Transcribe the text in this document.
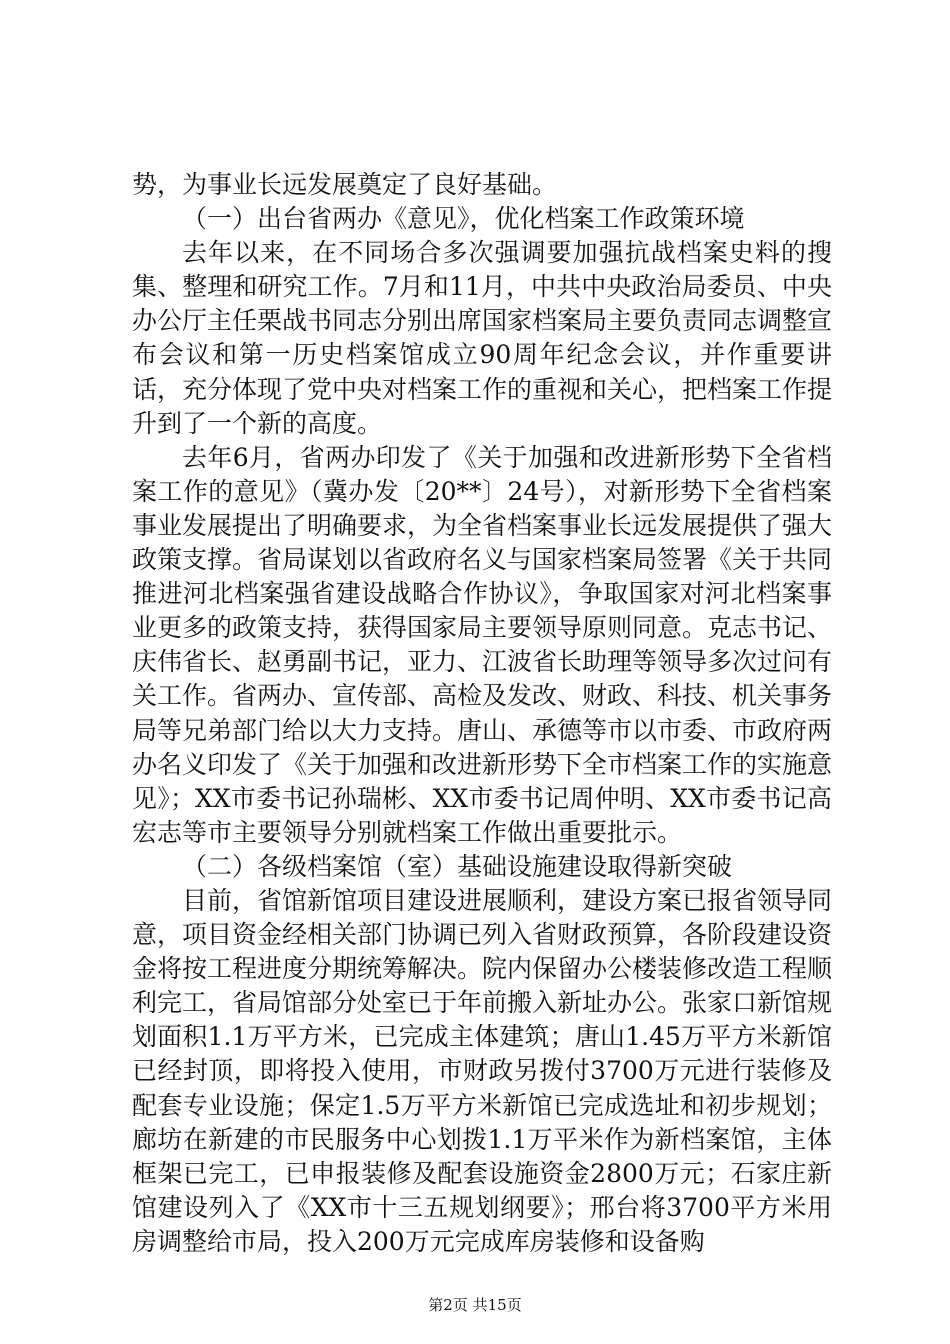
势，为事业长远发展奠定了良好基础。

（一）出台省两办《意见》，优化档案工作政策环境

去年以来，在不同场合多次强调要加强抗战档案史料的搜集、整理和研究工作。7月和11月，中共中央政治局委员、中央办公厅主任栗战书同志分别出席国家档案局主要负责同志调整宣布会议和第一历史档案馆成立90周年纪念会议，并作重要讲话，充分体现了党中央对档案工作的重视和关心，把档案工作提升到了一个新的高度。

去年6月，省两办印发了《关于加强和改进新形势下全省档案工作的意见》（冀办发〔20**〕24号），对新形势下全省档案事业发展提出了明确要求，为全省档案事业长远发展提供了强大政策支撑。省局谋划以省政府名义与国家档案局签署《关于共同推进河北档案强省建设战略合作协议》，争取国家对河北档案事业更多的政策支持，获得国家局主要领导原则同意。克志书记、庆伟省长、赵勇副书记，亚力、江波省长助理等领导多次过问有关工作。省两办、宣传部、高检及发改、财政、科技、机关事务局等兄弟部门给以大力支持。唐山、承德等市以市委、市政府两办名义印发了《关于加强和改进新形势下全市档案工作的实施意见》；XX市委书记孙瑞彬、XX市委书记周仲明、XX市委书记高宏志等市主要领导分别就档案工作做出重要批示。

（二）各级档案馆（室）基础设施建设取得新突破

目前，省馆新馆项目建设进展顺利，建设方案已报省领导同意，项目资金经相关部门协调已列入省财政预算，各阶段建设资金将按工程进度分期统筹解决。院内保留办公楼装修改造工程顺利完工，省局馆部分处室已于年前搬入新址办公。张家口新馆规划面积1.1万平方米，已完成主体建筑；唐山1.45万平方米新馆已经封顶，即将投入使用，市财政另拨付3700万元进行装修及配套专业设施；保定1.5万平方米新馆已完成选址和初步规划；廊坊在新建的市民服务中心划拨1.1万平米作为新档案馆，主体框架已完工，已申报装修及配套设施资金2800万元；石家庄新馆建设列入了《XX市十三五规划纲要》；邢台将3700平方米用房调整给市局，投入200万元完成库房装修和设备购

第2页 共15页
